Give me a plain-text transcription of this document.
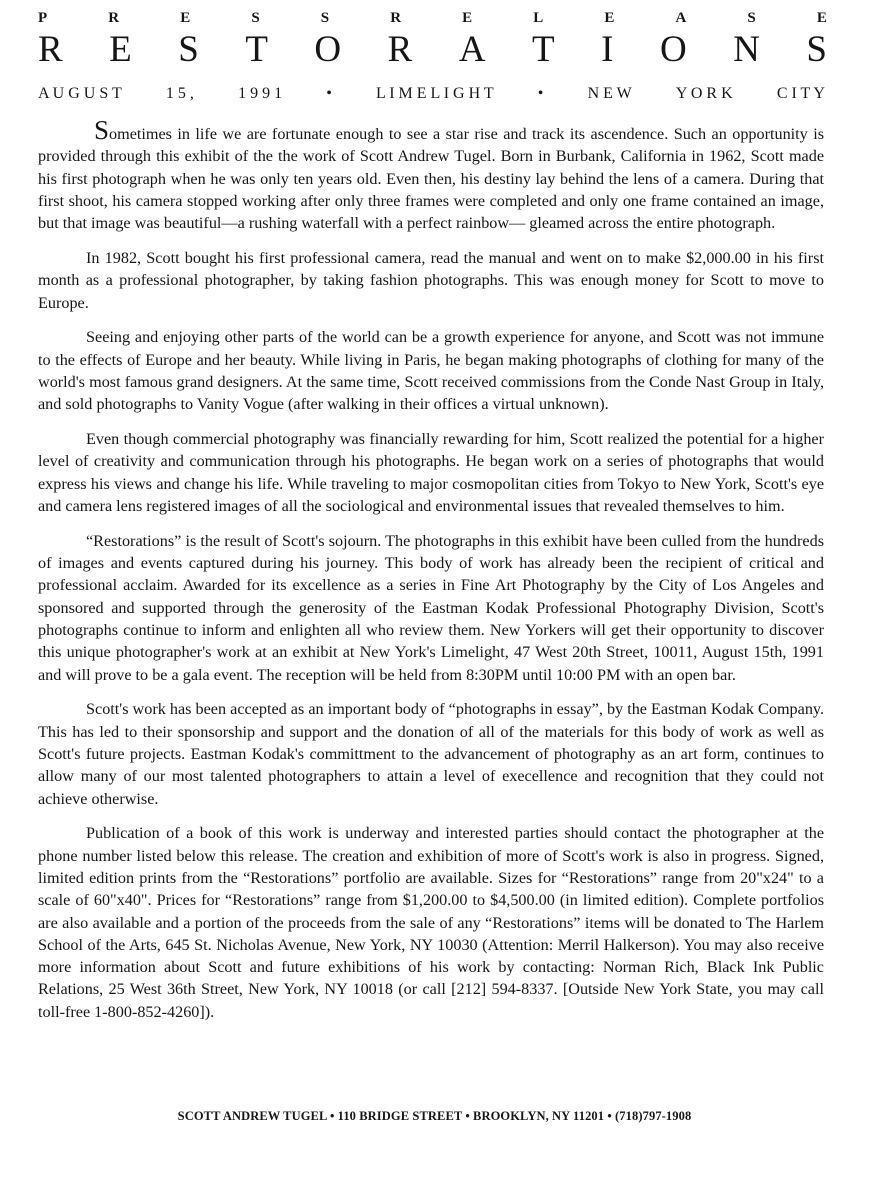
P	R	E	S	S	R	E	L	E	A	S	E
R E S T O R A T I O N S
A U G U S T	1 5 ,	1 9 9 1	•	L I M E L I G H T	•	N E W	Y O R K	C I T Y

Sometimes in life we are fortunate enough to see a star rise and track its ascendence. Such an opportunity is provided through this exhibit of the the work of Scott Andrew Tugel. Born in Burbank, California in 1962, Scott made his first photograph when he was only ten years old. Even then, his destiny lay behind the lens of a camera. During that first shoot, his camera stopped working after only three frames were completed and only one frame contained an image, but that image was beautiful—a rushing waterfall with a perfect rainbow— gleamed across the entire photograph.

In 1982, Scott bought his first professional camera, read the manual and went on to make $2,000.00 in his first month as a professional photographer, by taking fashion photographs. This was enough money for Scott to move to Europe.

Seeing and enjoying other parts of the world can be a growth experience for anyone, and Scott was not immune to the effects of Europe and her beauty. While living in Paris, he began making photographs of clothing for many of the world's most famous grand designers. At the same time, Scott received commissions from the Conde Nast Group in Italy, and sold photographs to Vanity Vogue (after walking in their offices a virtual unknown).

Even though commercial photography was financially rewarding for him, Scott realized the potential for a higher level of creativity and communication through his photographs. He began work on a series of photographs that would express his views and change his life. While traveling to major cosmopolitan cities from Tokyo to New York, Scott's eye and camera lens registered images of all the sociological and environmental issues that revealed themselves to him.

“Restorations” is the result of Scott's sojourn. The photographs in this exhibit have been culled from the hundreds of images and events captured during his journey. This body of work has already been the recipient of critical and professional acclaim. Awarded for its excellence as a series in Fine Art Photography by the City of Los Angeles and sponsored and supported through the generosity of the Eastman Kodak Professional Photography Division, Scott's photographs continue to inform and enlighten all who review them. New Yorkers will get their opportunity to discover this unique photographer's work at an exhibit at New York's Limelight, 47 West 20th Street, 10011, August 15th, 1991 and will prove to be a gala event. The reception will be held from 8:30PM until 10:00 PM with an open bar.

Scott's work has been accepted as an important body of “photographs in essay”, by the Eastman Kodak Company. This has led to their sponsorship and support and the donation of all of the materials for this body of work as well as Scott's future projects. Eastman Kodak's committment to the advancement of photography as an art form, continues to allow many of our most talented photographers to attain a level of execellence and recognition that they could not achieve otherwise.

Publication of a book of this work is underway and interested parties should contact the photographer at the phone number listed below this release. The creation and exhibition of more of Scott's work is also in progress. Signed, limited edition prints from the “Restorations” portfolio are available. Sizes for “Restorations” range from 20"x24" to a scale of 60"x40". Prices for “Restorations” range from $1,200.00 to $4,500.00 (in limited edition). Complete portfolios are also available and a portion of the proceeds from the sale of any “Restorations” items will be donated to The Harlem School of the Arts, 645 St. Nicholas Avenue, New York, NY 10030 (Attention: Merril Halkerson). You may also receive more information about Scott and future exhibitions of his work by contacting: Norman Rich, Black Ink Public Relations, 25 West 36th Street, New York, NY 10018 (or call [212] 594-8337. [Outside New York State, you may call toll-free 1-800-852-4260]).

SCOTT ANDREW TUGEL • 110 BRIDGE STREET • BROOKLYN, NY 11201 • (718)797-1908
